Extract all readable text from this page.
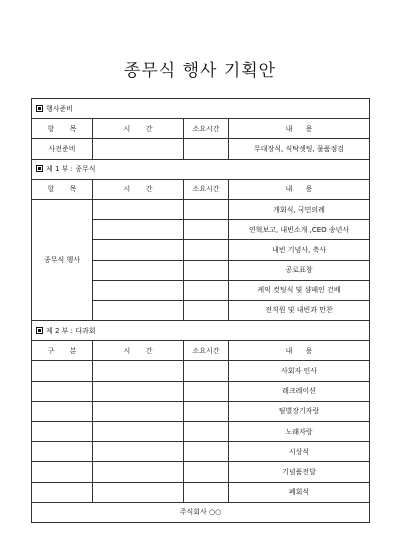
종무식 행사 기획안
행사준비			
항       목	시       간	소요시간	내      용
사전준비			무대장식, 식탁셋팅, 물품점검
제 1 부 : 종무식			
항       목	시       간	소요시간	내      용
종무식 행사			개회식, 국민의례
			연혁보고, 내빈소개 ,CEO 송년사
			내빈 기념사, 축사
			공로표창
			케익 컷팅식 및 샴페인 건배
			전직원 및 내빈과 만찬
제 2 부 : 다과회			
구       분	시       간	소요시간	내      용
			사회자 인사
			레크레이션
			팀별장기자랑
			노래자랑
			시상식
			기념품전달
			폐회식
주식회사 ○○			
